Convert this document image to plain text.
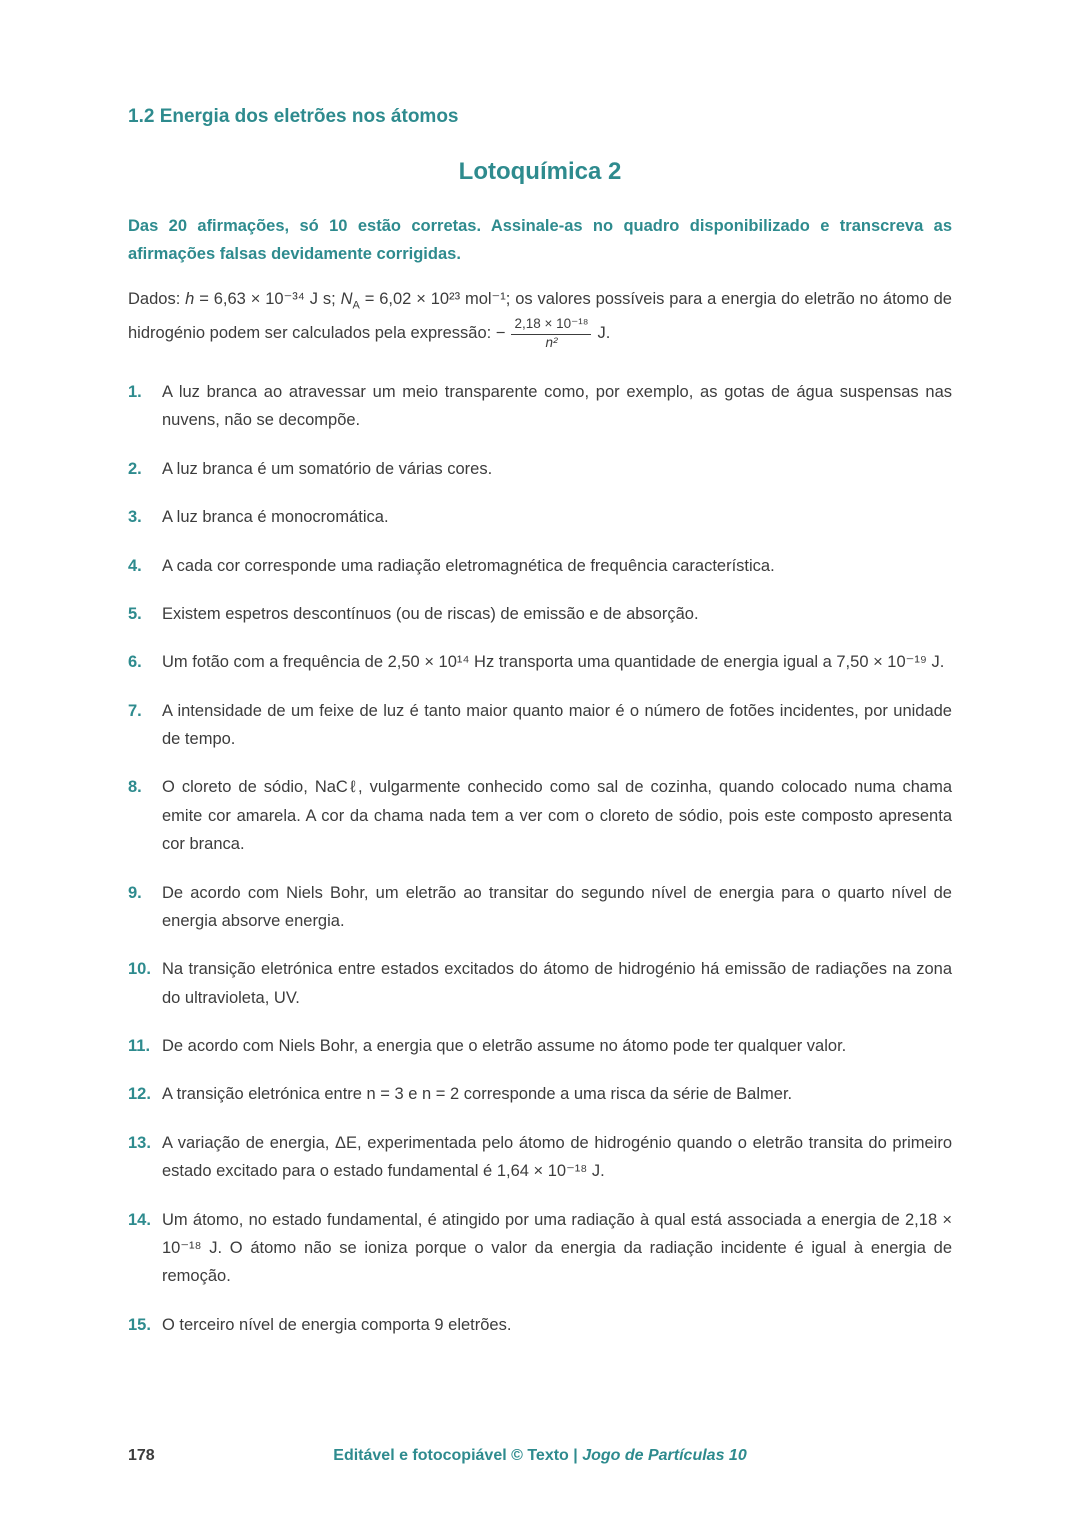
1.2 Energia dos eletrões nos átomos
Lotoquímica 2

Das 20 afirmações, só 10 estão corretas. Assinale-as no quadro disponibilizado e transcreva as afirmações falsas devidamente corrigidas.

Dados: h = 6,63 × 10⁻³⁴ J s; $N_A = 6,02 \times 10^{23}$ mol⁻¹; os valores possíveis para a energia do eletrão no átomo de hidrogénio podem ser calculados pela expressão: − $\frac{\text{2,18 × 10⁻¹⁸}}{\text{n²}} J$.

1.	A luz branca ao atravessar um meio transparente como, por exemplo, as gotas de água suspensas nas nuvens, não se decompõe.
2.	A luz branca é um somatório de várias cores.
3.	A luz branca é monocromática.
4.	A cada cor corresponde uma radiação eletromagnética de frequência característica.
5.	Existem espetros descontínuos (ou de riscas) de emissão e de absorção.
6.	Um fotão com a frequência de 2,50 × 10¹⁴ Hz transporta uma quantidade de energia igual a 7,50 × 10⁻¹⁹ J.
7.	A intensidade de um feixe de luz é tanto maior quanto maior é o número de fotões incidentes, por unidade de tempo.
8.	O cloreto de sódio, NaCℓ, vulgarmente conhecido como sal de cozinha, quando colocado numa chama emite cor amarela. A cor da chama nada tem a ver com o cloreto de sódio, pois este composto apresenta cor branca.
9.	De acordo com Niels Bohr, um eletrão ao transitar do segundo nível de energia para o quarto nível de energia absorve energia.
10. Na transição eletrónica entre estados excitados do átomo de hidrogénio há emissão de radiações na zona do ultravioleta, UV.
11. De acordo com Niels Bohr, a energia que o eletrão assume no átomo pode ter qualquer valor.
12. A transição eletrónica entre n = 3 e n = 2 corresponde a uma risca da série de Balmer.
13. A variação de energia, ΔE, experimentada pelo átomo de hidrogénio quando o eletrão transita do primeiro estado excitado para o estado fundamental é 1,64 × 10⁻¹⁸ J.
14. Um átomo, no estado fundamental, é atingido por uma radiação à qual está associada a energia de 2,18 × 10⁻¹⁸ J. O átomo não se ioniza porque o valor da energia da radiação incidente é igual à energia de remoção.
15. O terceiro nível de energia comporta 9 eletrões.
178	Editável e fotocopiável © Texto | Jogo de Partículas 10
